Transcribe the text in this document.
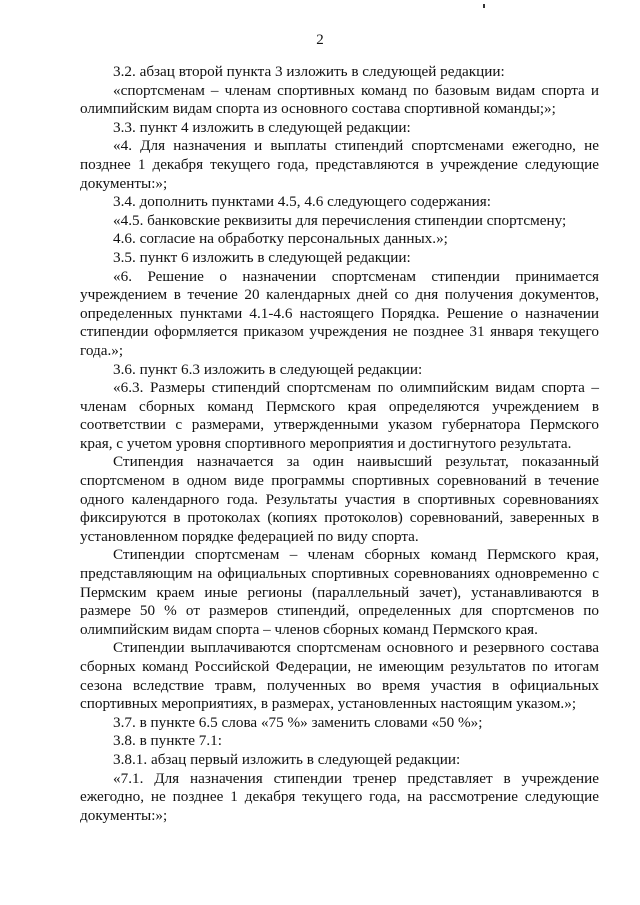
2

3.2. абзац второй пункта 3 изложить в следующей редакции:

«спортсменам – членам спортивных команд по базовым видам спорта и олимпийским видам спорта из основного состава спортивной команды;»;

3.3. пункт 4 изложить в следующей редакции:

«4. Для назначения и выплаты стипендий спортсменами ежегодно, не позднее 1 декабря текущего года, представляются в учреждение следующие документы:»;

3.4. дополнить пунктами 4.5, 4.6 следующего содержания:

«4.5. банковские реквизиты для перечисления стипендии спортсмену;

4.6. согласие на обработку персональных данных.»;

3.5. пункт 6 изложить в следующей редакции:

«6. Решение о назначении спортсменам стипендии принимается учреждением в течение 20 календарных дней со дня получения документов, определенных пунктами 4.1-4.6 настоящего Порядка. Решение о назначении стипендии оформляется приказом учреждения не позднее 31 января текущего года.»;

3.6. пункт 6.3 изложить в следующей редакции:

«6.3. Размеры стипендий спортсменам по олимпийским видам спорта – членам сборных команд Пермского края определяются учреждением в соответствии с размерами, утвержденными указом губернатора Пермского края, с учетом уровня спортивного мероприятия и достигнутого результата.

Стипендия назначается за один наивысший результат, показанный спортсменом в одном виде программы спортивных соревнований в течение одного календарного года. Результаты участия в спортивных соревнованиях фиксируются в протоколах (копиях протоколов) соревнований, заверенных в установленном порядке федерацией по виду спорта.

Стипендии спортсменам – членам сборных команд Пермского края, представляющим на официальных спортивных соревнованиях одновременно с Пермским краем иные регионы (параллельный зачет), устанавливаются в размере 50 % от размеров стипендий, определенных для спортсменов по олимпийским видам спорта – членов сборных команд Пермского края.

Стипендии выплачиваются спортсменам основного и резервного состава сборных команд Российской Федерации, не имеющим результатов по итогам сезона вследствие травм, полученных во время участия в официальных спортивных мероприятиях, в размерах, установленных настоящим указом.»;

3.7. в пункте 6.5 слова «75 %» заменить словами «50 %»;

3.8. в пункте 7.1:

3.8.1. абзац первый изложить в следующей редакции:

«7.1. Для назначения стипендии тренер представляет в учреждение ежегодно, не позднее 1 декабря текущего года, на рассмотрение следующие документы:»;
